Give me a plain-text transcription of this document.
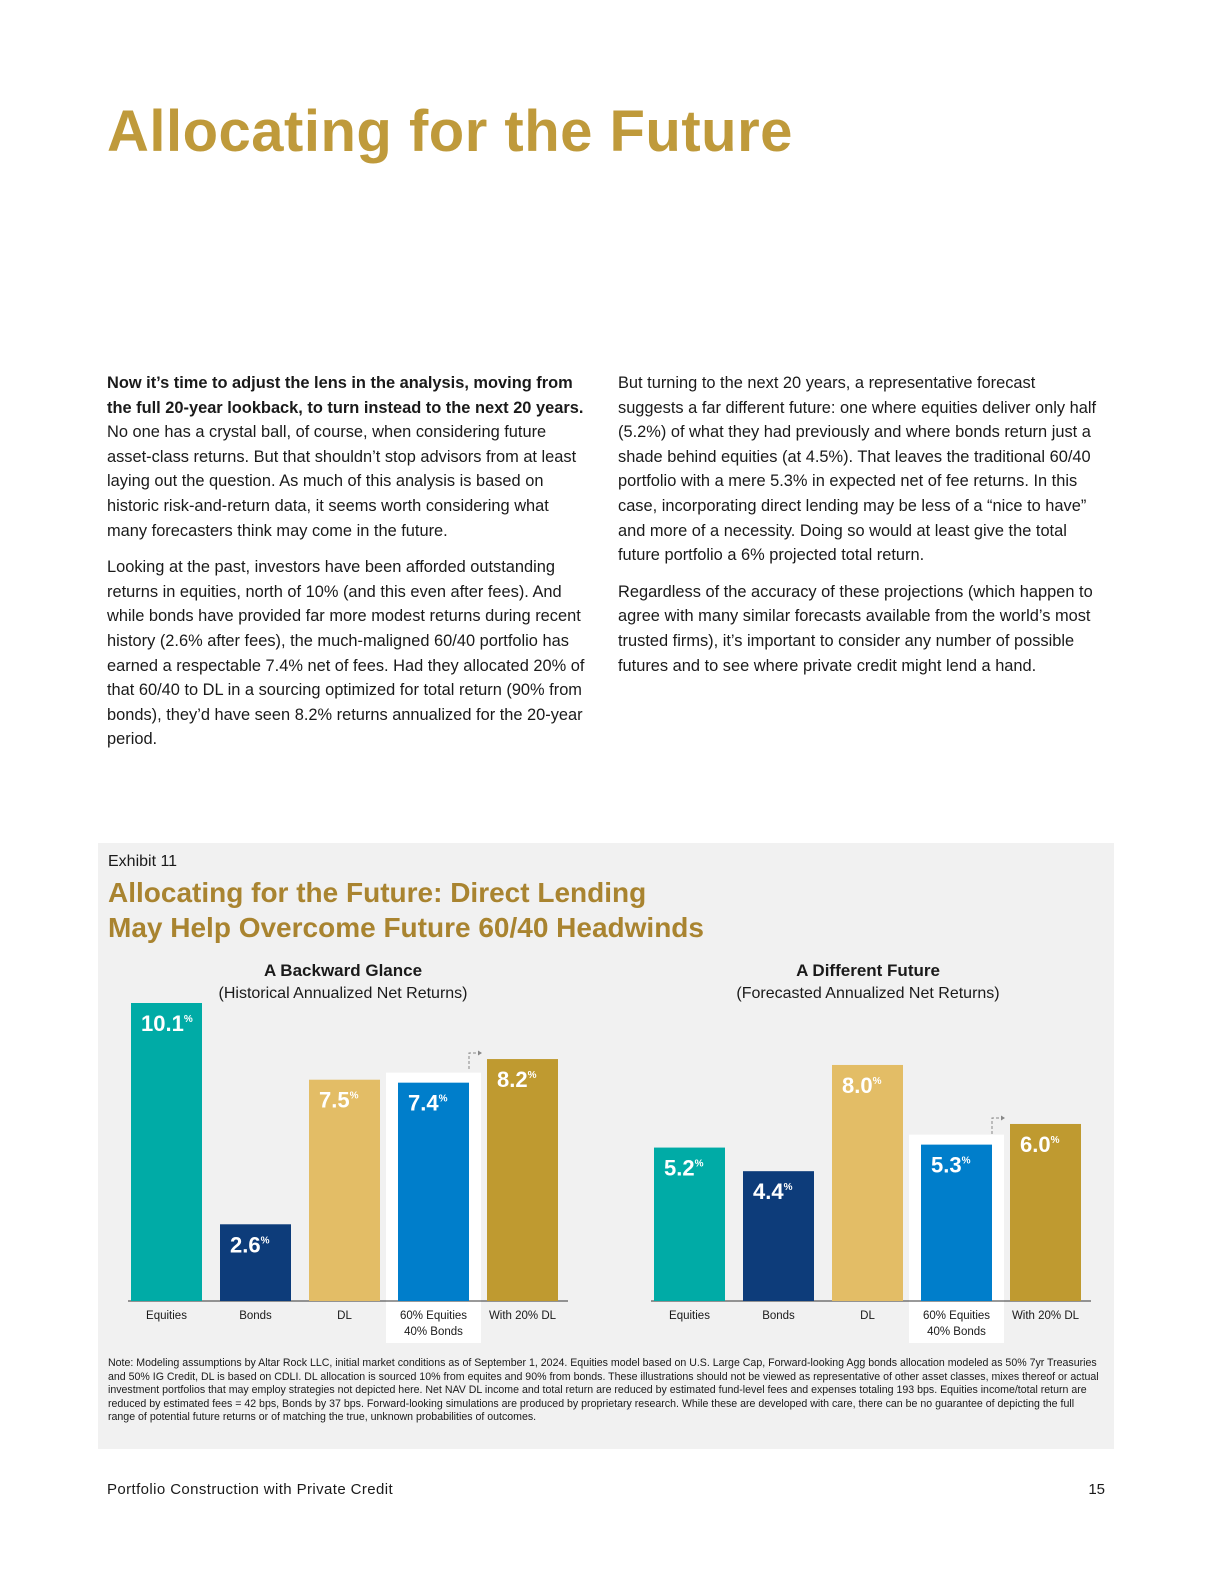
Allocating for the Future

Now it’s time to adjust the lens in the analysis, moving from the full 20-year lookback, to turn instead to the next 20 years. No one has a crystal ball, of course, when considering future asset-class returns. But that shouldn’t stop advisors from at least laying out the question. As much of this analysis is based on historic risk-and-return data, it seems worth considering what many forecasters think may come in the future.

Looking at the past, investors have been afforded outstanding returns in equities, north of 10% (and this even after fees). And while bonds have provided far more modest returns during recent history (2.6% after fees), the much-maligned 60/40 portfolio has earned a respectable 7.4% net of fees. Had they allocated 20% of that 60/40 to DL in a sourcing optimized for total return (90% from bonds), they’d have seen 8.2% returns annualized for the 20-year period.

But turning to the next 20 years, a representative forecast suggests a far different future: one where equities deliver only half (5.2%) of what they had previously and where bonds return just a shade behind equities (at 4.5%). That leaves the traditional 60/40 portfolio with a mere 5.3% in expected net of fee returns. In this case, incorporating direct lending may be less of a “nice to have” and more of a necessity. Doing so would at least give the total future portfolio a 6% projected total return.

Regardless of the accuracy of these projections (which happen to agree with many similar forecasts available from the world’s most trusted firms), it’s important to consider any number of possible futures and to see where private credit might lend a hand.

Exhibit 11
Allocating for the Future: Direct Lending
May Help Overcome Future 60/40 Headwinds
A Backward Glance
(Historical Annualized Net Returns)
A Different Future
(Forecasted Annualized Net Returns)
10.1%
Equities
2.6%
Bonds
7.5%
DL
7.4%
60% Equities
40% Bonds
8.2%
With 20% DL
5.2%
Equities
4.4%
Bonds
8.0%
DL
5.3%
60% Equities
40% Bonds
6.0%
With 20% DL
Note: Modeling assumptions by Altar Rock LLC, initial market conditions as of September 1, 2024. Equities model based on U.S. Large Cap, Forward-looking Agg bonds allocation modeled as 50% 7yr Treasuries and 50% IG Credit, DL is based on CDLI. DL allocation is sourced 10% from equites and 90% from bonds. These illustrations should not be viewed as representative of other asset classes, mixes thereof or actual investment portfolios that may employ strategies not depicted here. Net NAV DL income and total return are reduced by estimated fund-level fees and expenses totaling 193 bps. Equities income/total return are reduced by estimated fees = 42 bps, Bonds by 37 bps. Forward-looking simulations are produced by proprietary research. While these are developed with care, there can be no guarantee of depicting the full range of potential future returns or of matching the true, unknown probabilities of outcomes.
Portfolio Construction with Private Credit	15
